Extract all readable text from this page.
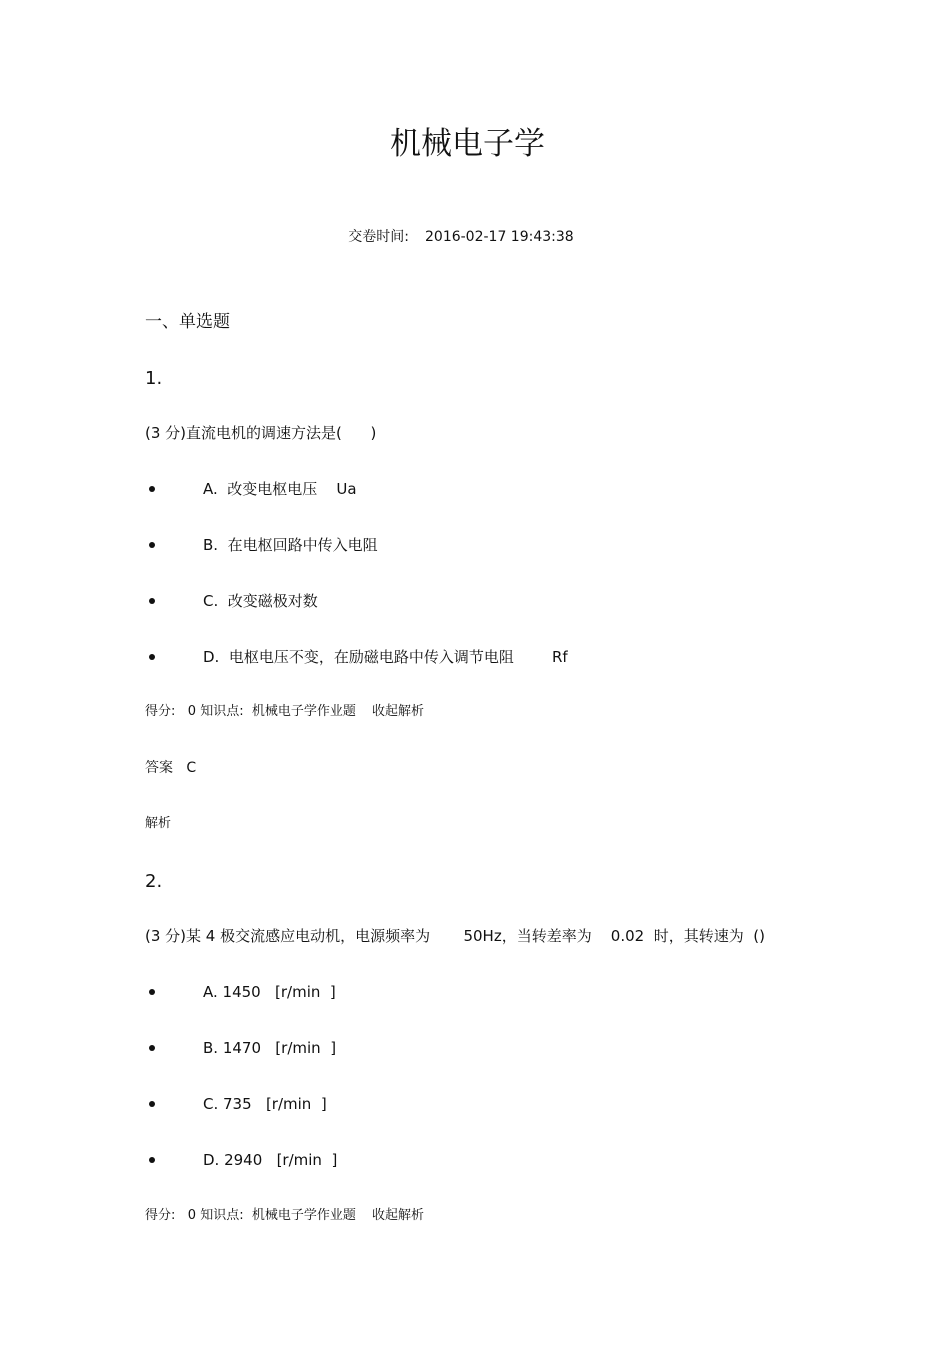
机械电子学
交卷时间: 2016-02-17 19:43:38
一、单选题
1.
(3 分)直流电机的调速方法是(      )
A.  改变电枢电压    Ua
B.  在电枢回路中传入电阻
C.  改变磁极对数
D.  电枢电压不变，在励磁电路中传入调节电阻        Rf
得分:   0 知识点:  机械电子学作业题 收起解析
答案   C
解析
2.
(3 分)某 4 极交流感应电动机，电源频率为       50Hz，当转差率为    0.02  时，其转速为  ()
A. 1450   [r/min  ]
B. 1470   [r/min  ]
C. 735   [r/min  ]
D. 2940   [r/min  ]
得分:   0 知识点:  机械电子学作业题 收起解析
